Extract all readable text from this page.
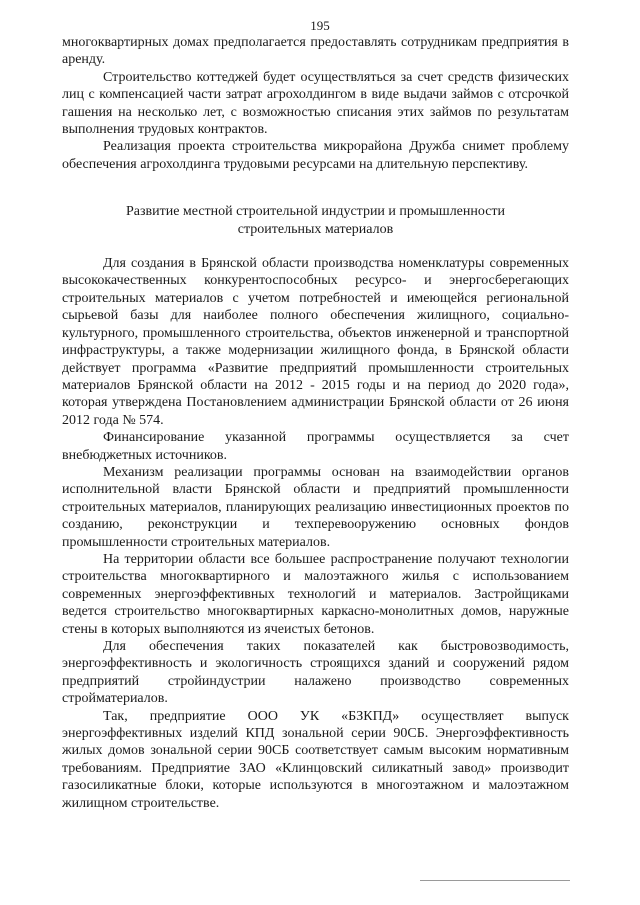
195

многоквартирных домах предполагается предоставлять сотрудникам предприятия в аренду.

Строительство коттеджей будет осуществляться за счет средств физических лиц с компенсацией части затрат агрохолдингом в виде выдачи займов с отсрочкой гашения на несколько лет, с возможностью списания этих займов по результатам выполнения трудовых контрактов.

Реализация проекта строительства микрорайона Дружба снимет проблему обеспечения агрохолдинга трудовыми ресурсами на длительную перспективу.

Развитие местной строительной индустрии и промышленности
строительных материалов

Для создания в Брянской области производства номенклатуры современных высококачественных конкурентоспособных ресурсо- и энергосберегающих строительных материалов с учетом потребностей и имеющейся региональной сырьевой базы для наиболее полного обеспечения жилищного, социально-культурного, промышленного строительства, объектов инженерной и транспортной инфраструктуры, а также модернизации жилищного фонда, в Брянской области действует программа «Развитие предприятий промышленности строительных материалов Брянской области на 2012 - 2015 годы и на период до 2020 года», которая утверждена Постановлением администрации Брянской области от 26 июня 2012 года № 574.

Финансирование указанной программы осуществляется за счет внебюджетных источников.

Механизм реализации программы основан на взаимодействии органов исполнительной власти Брянской области и предприятий промышленности строительных материалов, планирующих реализацию инвестиционных проектов по созданию, реконструкции и техперевооружению основных фондов промышленности строительных материалов.

На территории области все большее распространение получают технологии строительства многоквартирного и малоэтажного жилья с использованием современных энергоэффективных технологий и материалов. Застройщиками ведется строительство многоквартирных каркасно-монолитных домов, наружные стены в которых выполняются из ячеистых бетонов.

Для обеспечения таких показателей как быстровозводимость, энергоэффективность и экологичность строящихся зданий и сооружений рядом предприятий стройиндустрии налажено производство современных стройматериалов.

Так, предприятие ООО УК «БЗКПД» осуществляет выпуск энергоэффективных изделий КПД зональной серии 90СБ. Энергоэффективность жилых домов зональной серии 90СБ соответствует самым высоким нормативным требованиям. Предприятие ЗАО «Клинцовский силикатный завод» производит газосиликатные блоки, которые используются в многоэтажном и малоэтажном жилищном строительстве.
